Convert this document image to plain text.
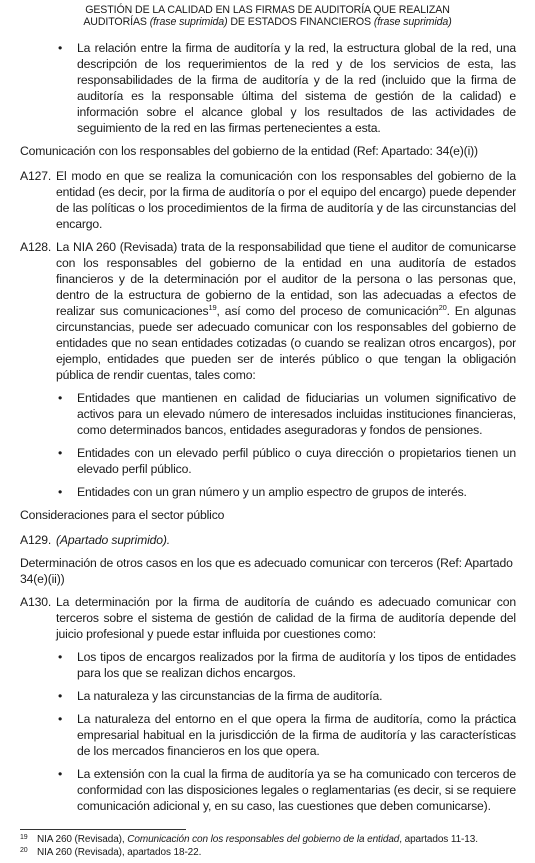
GESTIÓN DE LA CALIDAD EN LAS FIRMAS DE AUDITORÍA QUE REALIZAN
AUDITORÍAS (frase suprimida) DE ESTADOS FINANCIEROS (frase suprimida)
• La relación entre la firma de auditoría y la red, la estructura global de la red, una descripción de los requerimientos de la red y de los servicios de esta, las responsabilidades de la firma de auditoría y de la red (incluido que la firma de auditoría es la responsable última del sistema de gestión de la calidad) e información sobre el alcance global y los resultados de las actividades de seguimiento de la red en las firmas pertenecientes a esta.
Comunicación con los responsables del gobierno de la entidad (Ref: Apartado: 34(e)(i))
A127. El modo en que se realiza la comunicación con los responsables del gobierno de la entidad (es decir, por la firma de auditoría o por el equipo del encargo) puede depender de las políticas o los procedimientos de la firma de auditoría y de las circunstancias del encargo.
A128. La NIA 260 (Revisada) trata de la responsabilidad que tiene el auditor de comunicarse con los responsables del gobierno de la entidad en una auditoría de estados financieros y de la determinación por el auditor de la persona o las personas que, dentro de la estructura de gobierno de la entidad, son las adecuadas a efectos de realizar sus comunicaciones$^{19}$, así como del proceso de comunicación$^{20}$. En algunas circunstancias, puede ser adecuado comunicar con los responsables del gobierno de entidades que no sean entidades cotizadas (o cuando se realizan otros encargos), por ejemplo, entidades que pueden ser de interés público o que tengan la obligación pública de rendir cuentas, tales como:
• Entidades que mantienen en calidad de fiduciarias un volumen significativo de activos para un elevado número de interesados incluidas instituciones financieras, como determinados bancos, entidades aseguradoras y fondos de pensiones.
• Entidades con un elevado perfil público o cuya dirección o propietarios tienen un elevado perfil público.
• Entidades con un gran número y un amplio espectro de grupos de interés.
Consideraciones para el sector público
A129. (Apartado suprimido).
Determinación de otros casos en los que es adecuado comunicar con terceros (Ref: Apartado 34(e)(ii))
A130. La determinación por la firma de auditoría de cuándo es adecuado comunicar con terceros sobre el sistema de gestión de calidad de la firma de auditoría depende del juicio profesional y puede estar influida por cuestiones como:
• Los tipos de encargos realizados por la firma de auditoría y los tipos de entidades para los que se realizan dichos encargos.
• La naturaleza y las circunstancias de la firma de auditoría.
• La naturaleza del entorno en el que opera la firma de auditoría, como la práctica empresarial habitual en la jurisdicción de la firma de auditoría y las características de los mercados financieros en los que opera.
• La extensión con la cual la firma de auditoría ya se ha comunicado con terceros de conformidad con las disposiciones legales o reglamentarias (es decir, si se requiere comunicación adicional y, en su caso, las cuestiones que deben comunicarse).
19 NIA 260 (Revisada), Comunicación con los responsables del gobierno de la entidad, apartados 11-13.
20 NIA 260 (Revisada), apartados 18-22.
